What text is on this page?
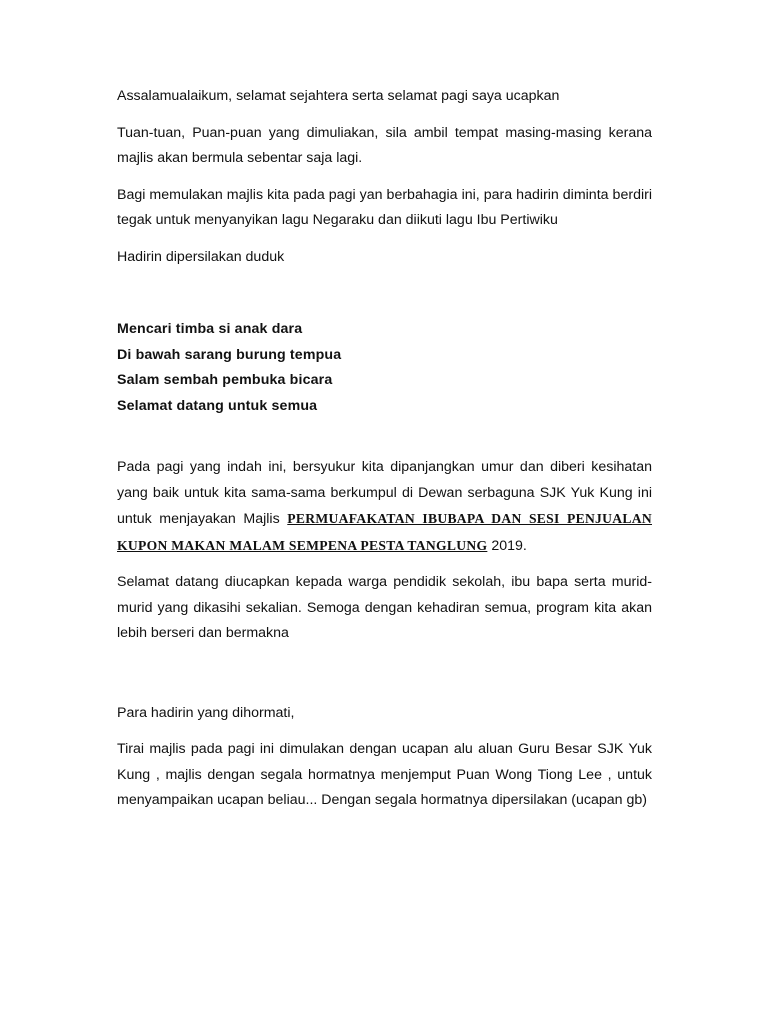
Assalamualaikum, selamat sejahtera serta selamat pagi saya ucapkan

Tuan-tuan, Puan-puan yang dimuliakan, sila ambil tempat masing-masing kerana majlis akan bermula sebentar saja lagi.

Bagi memulakan majlis kita pada pagi yan berbahagia ini, para hadirin diminta berdiri tegak untuk menyanyikan lagu Negaraku dan diikuti lagu Ibu Pertiwiku

Hadirin dipersilakan duduk

Mencari timba si anak dara
Di bawah sarang burung tempua
Salam sembah pembuka bicara
Selamat datang untuk semua

Pada pagi yang indah ini, bersyukur kita dipanjangkan umur dan diberi kesihatan yang baik untuk kita sama-sama berkumpul di Dewan serbaguna SJK Yuk Kung ini untuk menjayakan Majlis PERMUAFAKATAN IBUBAPA DAN SESI PENJUALAN KUPON MAKAN MALAM SEMPENA PESTA TANGLUNG 2019.

Selamat datang diucapkan kepada warga pendidik sekolah, ibu bapa serta murid-murid yang dikasihi sekalian. Semoga dengan kehadiran semua, program kita akan lebih berseri dan bermakna

Para hadirin yang dihormati,

Tirai majlis pada pagi ini dimulakan dengan ucapan alu aluan Guru Besar SJK Yuk Kung , majlis dengan segala hormatnya menjemput Puan Wong Tiong Lee , untuk menyampaikan ucapan beliau... Dengan segala hormatnya dipersilakan (ucapan gb)
